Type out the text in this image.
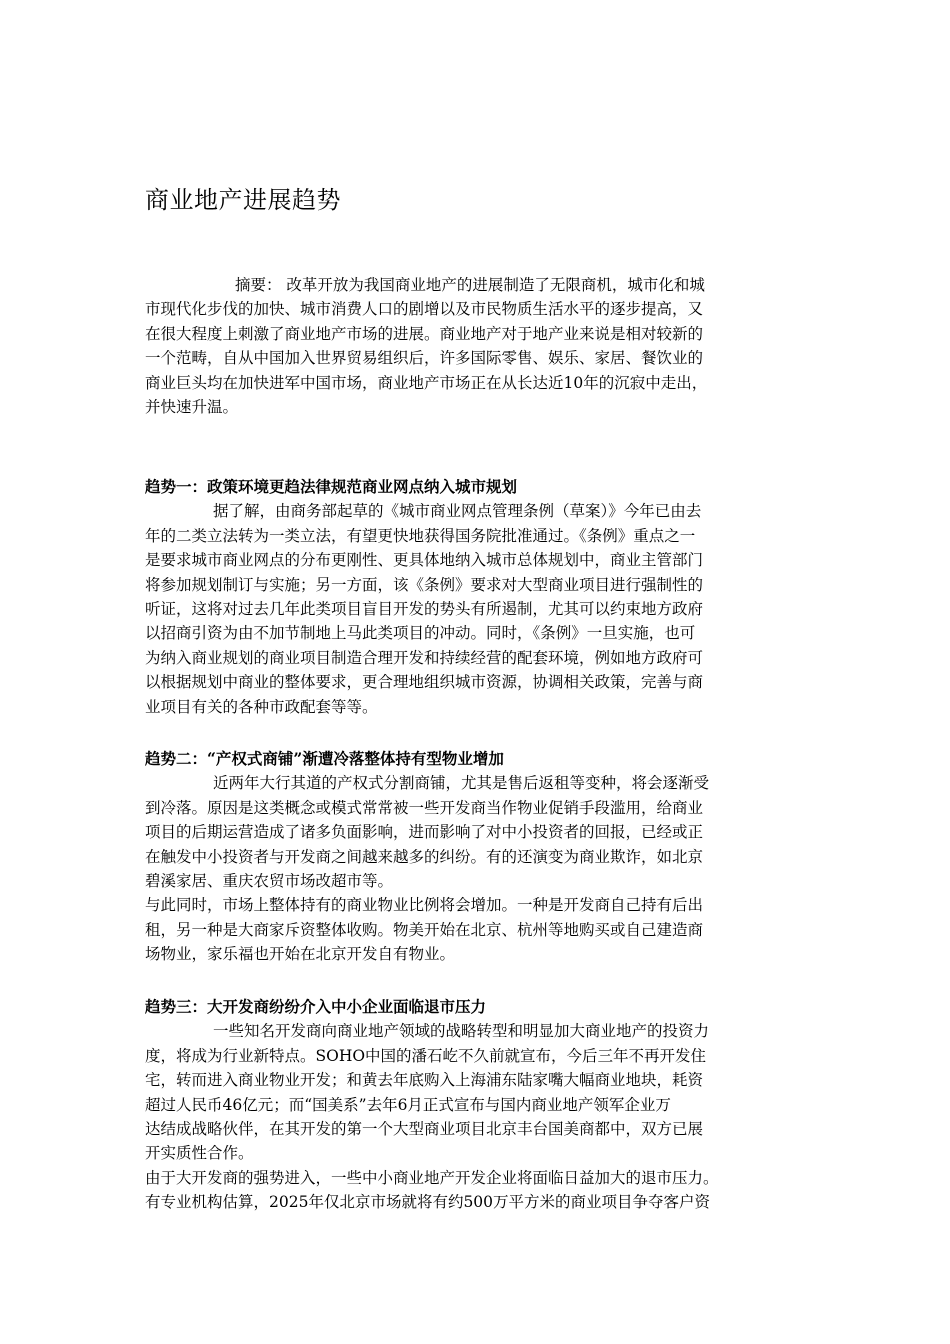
商业地产进展趋势
摘要： 改革开放为我国商业地产的进展制造了无限商机，城市化和城
市现代化步伐的加快、城市消费人口的剧增以及市民物质生活水平的逐步提高，又
在很大程度上刺激了商业地产市场的进展。商业地产对于地产业来说是相对较新的
一个范畴，自从中国加入世界贸易组织后，许多国际零售、娱乐、家居、餐饮业的
商业巨头均在加快进军中国市场，商业地产市场正在从长达近10年的沉寂中走出，
并快速升温。
趋势一：政策环境更趋法律规范商业网点纳入城市规划
据了解，由商务部起草的《城市商业网点管理条例（草案）》今年已由去
年的二类立法转为一类立法，有望更快地获得国务院批准通过。《条例》重点之一
是要求城市商业网点的分布更刚性、更具体地纳入城市总体规划中，商业主管部门
将参加规划制订与实施；另一方面，该《条例》要求对大型商业项目进行强制性的
听证，这将对过去几年此类项目盲目开发的势头有所遏制，尤其可以约束地方政府
以招商引资为由不加节制地上马此类项目的冲动。同时，《条例》一旦实施，也可
为纳入商业规划的商业项目制造合理开发和持续经营的配套环境，例如地方政府可
以根据规划中商业的整体要求，更合理地组织城市资源，协调相关政策，完善与商
业项目有关的各种市政配套等等。
趋势二：“产权式商铺”渐遭冷落整体持有型物业增加
近两年大行其道的产权式分割商铺，尤其是售后返租等变种，将会逐渐受
到冷落。原因是这类概念或模式常常被一些开发商当作物业促销手段滥用，给商业
项目的后期运营造成了诸多负面影响，进而影响了对中小投资者的回报，已经或正
在触发中小投资者与开发商之间越来越多的纠纷。有的还演变为商业欺诈，如北京
碧溪家居、重庆农贸市场改超市等。
与此同时，市场上整体持有的商业物业比例将会增加。一种是开发商自己持有后出
租，另一种是大商家斥资整体收购。物美开始在北京、杭州等地购买或自己建造商
场物业，家乐福也开始在北京开发自有物业。
趋势三：大开发商纷纷介入中小企业面临退市压力
一些知名开发商向商业地产领域的战略转型和明显加大商业地产的投资力
度，将成为行业新特点。SOHO中国的潘石屹不久前就宣布，今后三年不再开发住
宅，转而进入商业物业开发；和黄去年底购入上海浦东陆家嘴大幅商业地块，耗资
超过人民币46亿元；而“国美系”去年6月正式宣布与国内商业地产领军企业万
达结成战略伙伴，在其开发的第一个大型商业项目北京丰台国美商都中，双方已展
开实质性合作。
由于大开发商的强势进入，一些中小商业地产开发企业将面临日益加大的退市压力。
有专业机构估算，2025年仅北京市场就将有约500万平方米的商业项目争夺客户资
